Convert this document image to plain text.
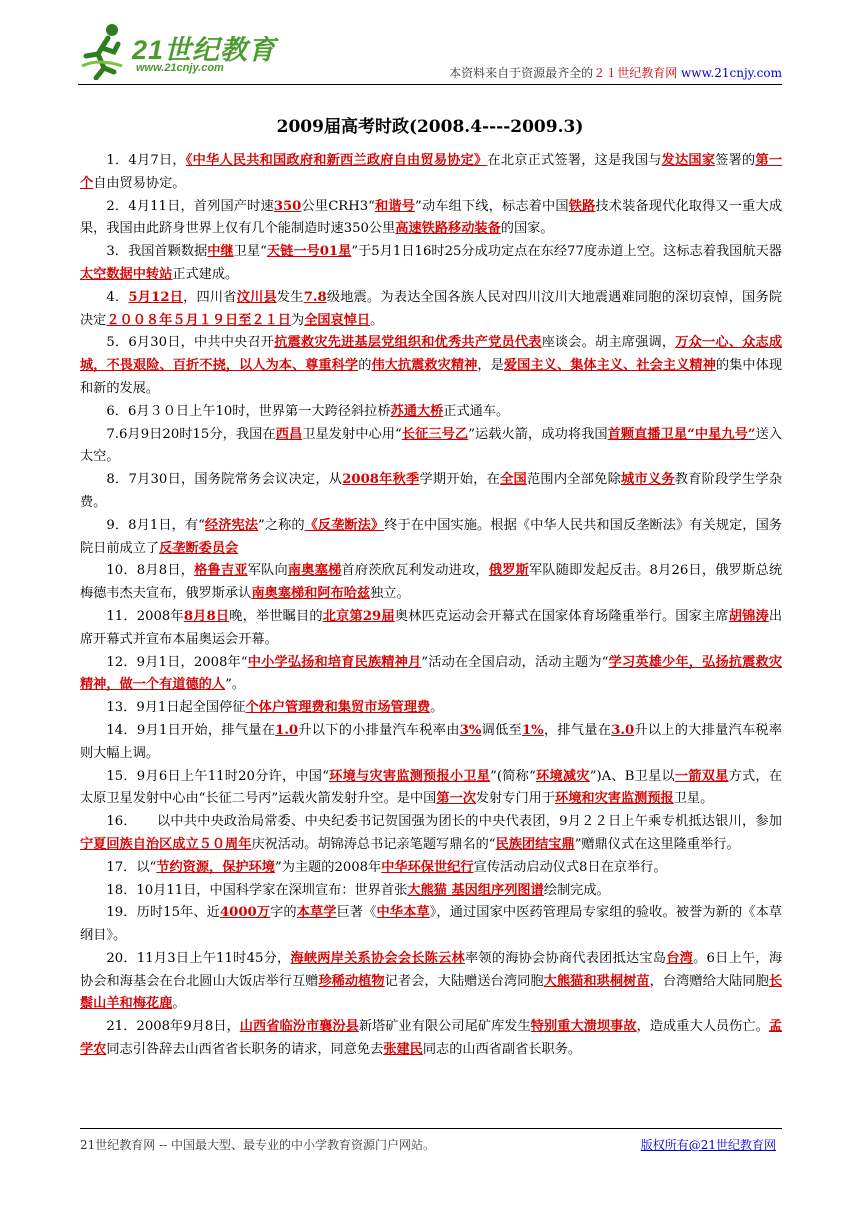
21世纪教育
www.21cnjy.com	本资料来自于资源最齐全的２１世纪教育网 www.21cnjy.com
2009届高考时政(2008.4----2009.3)

1．4月7日，《中华人民共和国政府和新西兰政府自由贸易协定》在北京正式签署，这是我国与发达国家签署的第一个自由贸易协定。

2．4月11日，首列国产时速350公里CRH3“和谐号”动车组下线，标志着中国铁路技术装备现代化取得又一重大成果，我国由此跻身世界上仅有几个能制造时速350公里高速铁路移动装备的国家。

3．我国首颗数据中继卫星“天链一号01星”于5月1日16时25分成功定点在东经77度赤道上空。这标志着我国航天器太空数据中转站正式建成。

4．5月12日，四川省汶川县发生7.8级地震。为表达全国各族人民对四川汶川大地震遇难同胞的深切哀悼，国务院决定２００８年５月１９日至２１日为全国哀悼日。

5．6月30日，中共中央召开抗震救灾先进基层党组织和优秀共产党员代表座谈会。胡主席强调，万众一心、众志成城，不畏艰险、百折不挠，以人为本、尊重科学的伟大抗震救灾精神，是爱国主义、集体主义、社会主义精神的集中体现和新的发展。

6．6月３０日上午10时，世界第一大跨径斜拉桥苏通大桥正式通车。

7.6月9日20时15分，我国在西昌卫星发射中心用“长征三号乙”运载火箭，成功将我国首颗直播卫星“中星九号”送入太空。

8．7月30日，国务院常务会议决定，从2008年秋季学期开始，在全国范围内全部免除城市义务教育阶段学生学杂费。

9．8月1日，有“经济宪法”之称的《反垄断法》终于在中国实施。根据《中华人民共和国反垄断法》有关规定，国务院日前成立了反垄断委员会

10．8月8日，格鲁吉亚军队向南奥塞梯首府茨欣瓦利发动进攻，俄罗斯军队随即发起反击。8月26日，俄罗斯总统梅德韦杰夫宣布，俄罗斯承认南奥塞梯和阿布哈兹独立。

11．2008年8月8日晚，举世瞩目的北京第29届奥林匹克运动会开幕式在国家体育场隆重举行。国家主席胡锦涛出席开幕式并宣布本届奥运会开幕。

12．9月1日，2008年“中小学弘扬和培育民族精神月”活动在全国启动，活动主题为“学习英雄少年，弘扬抗震救灾精神，做一个有道德的人”。

13．9月1日起全国停征个体户管理费和集贸市场管理费。

14．9月1日开始，排气量在1.0升以下的小排量汽车税率由3%调低至1%，排气量在3.0升以上的大排量汽车税率则大幅上调。

15．9月6日上午11时20分许，中国“环境与灾害监测预报小卫星”(简称“环境减灾”)A、B卫星以一箭双星方式，在太原卫星发射中心由“长征二号丙”运载火箭发射升空。是中国第一次发射专门用于环境和灾害监测预报卫星。

16．　　以中共中央政治局常委、中央纪委书记贺国强为团长的中央代表团，9月２２日上午乘专机抵达银川，参加宁夏回族自治区成立５０周年庆祝活动。胡锦涛总书记亲笔题写鼎名的“民族团结宝鼎”赠鼎仪式在这里隆重举行。

17．以“节约资源，保护环境”为主题的2008年中华环保世纪行宣传活动启动仪式8日在京举行。

18．10月11日，中国科学家在深圳宣布：世界首张大熊猫 基因组序列图谱绘制完成。

19．历时15年、近4000万字的本草学巨著《中华本草》，通过国家中医药管理局专家组的验收。被誉为新的《本草纲目》。

20．11月3日上午11时45分，海峡两岸关系协会会长陈云林率领的海协会协商代表团抵达宝岛台湾。6日上午，海协会和海基会在台北圆山大饭店举行互赠珍稀动植物记者会，大陆赠送台湾同胞大熊猫和珙桐树苗，台湾赠给大陆同胞长鬃山羊和梅花鹿。

21．2008年9月8日，山西省临汾市襄汾县新塔矿业有限公司尾矿库发生特别重大溃坝事故，造成重大人员伤亡。孟学农同志引咎辞去山西省省长职务的请求，同意免去张建民同志的山西省副省长职务。

21世纪教育网 -- 中国最大型、最专业的中小学教育资源门户网站。	版权所有@21世纪教育网
